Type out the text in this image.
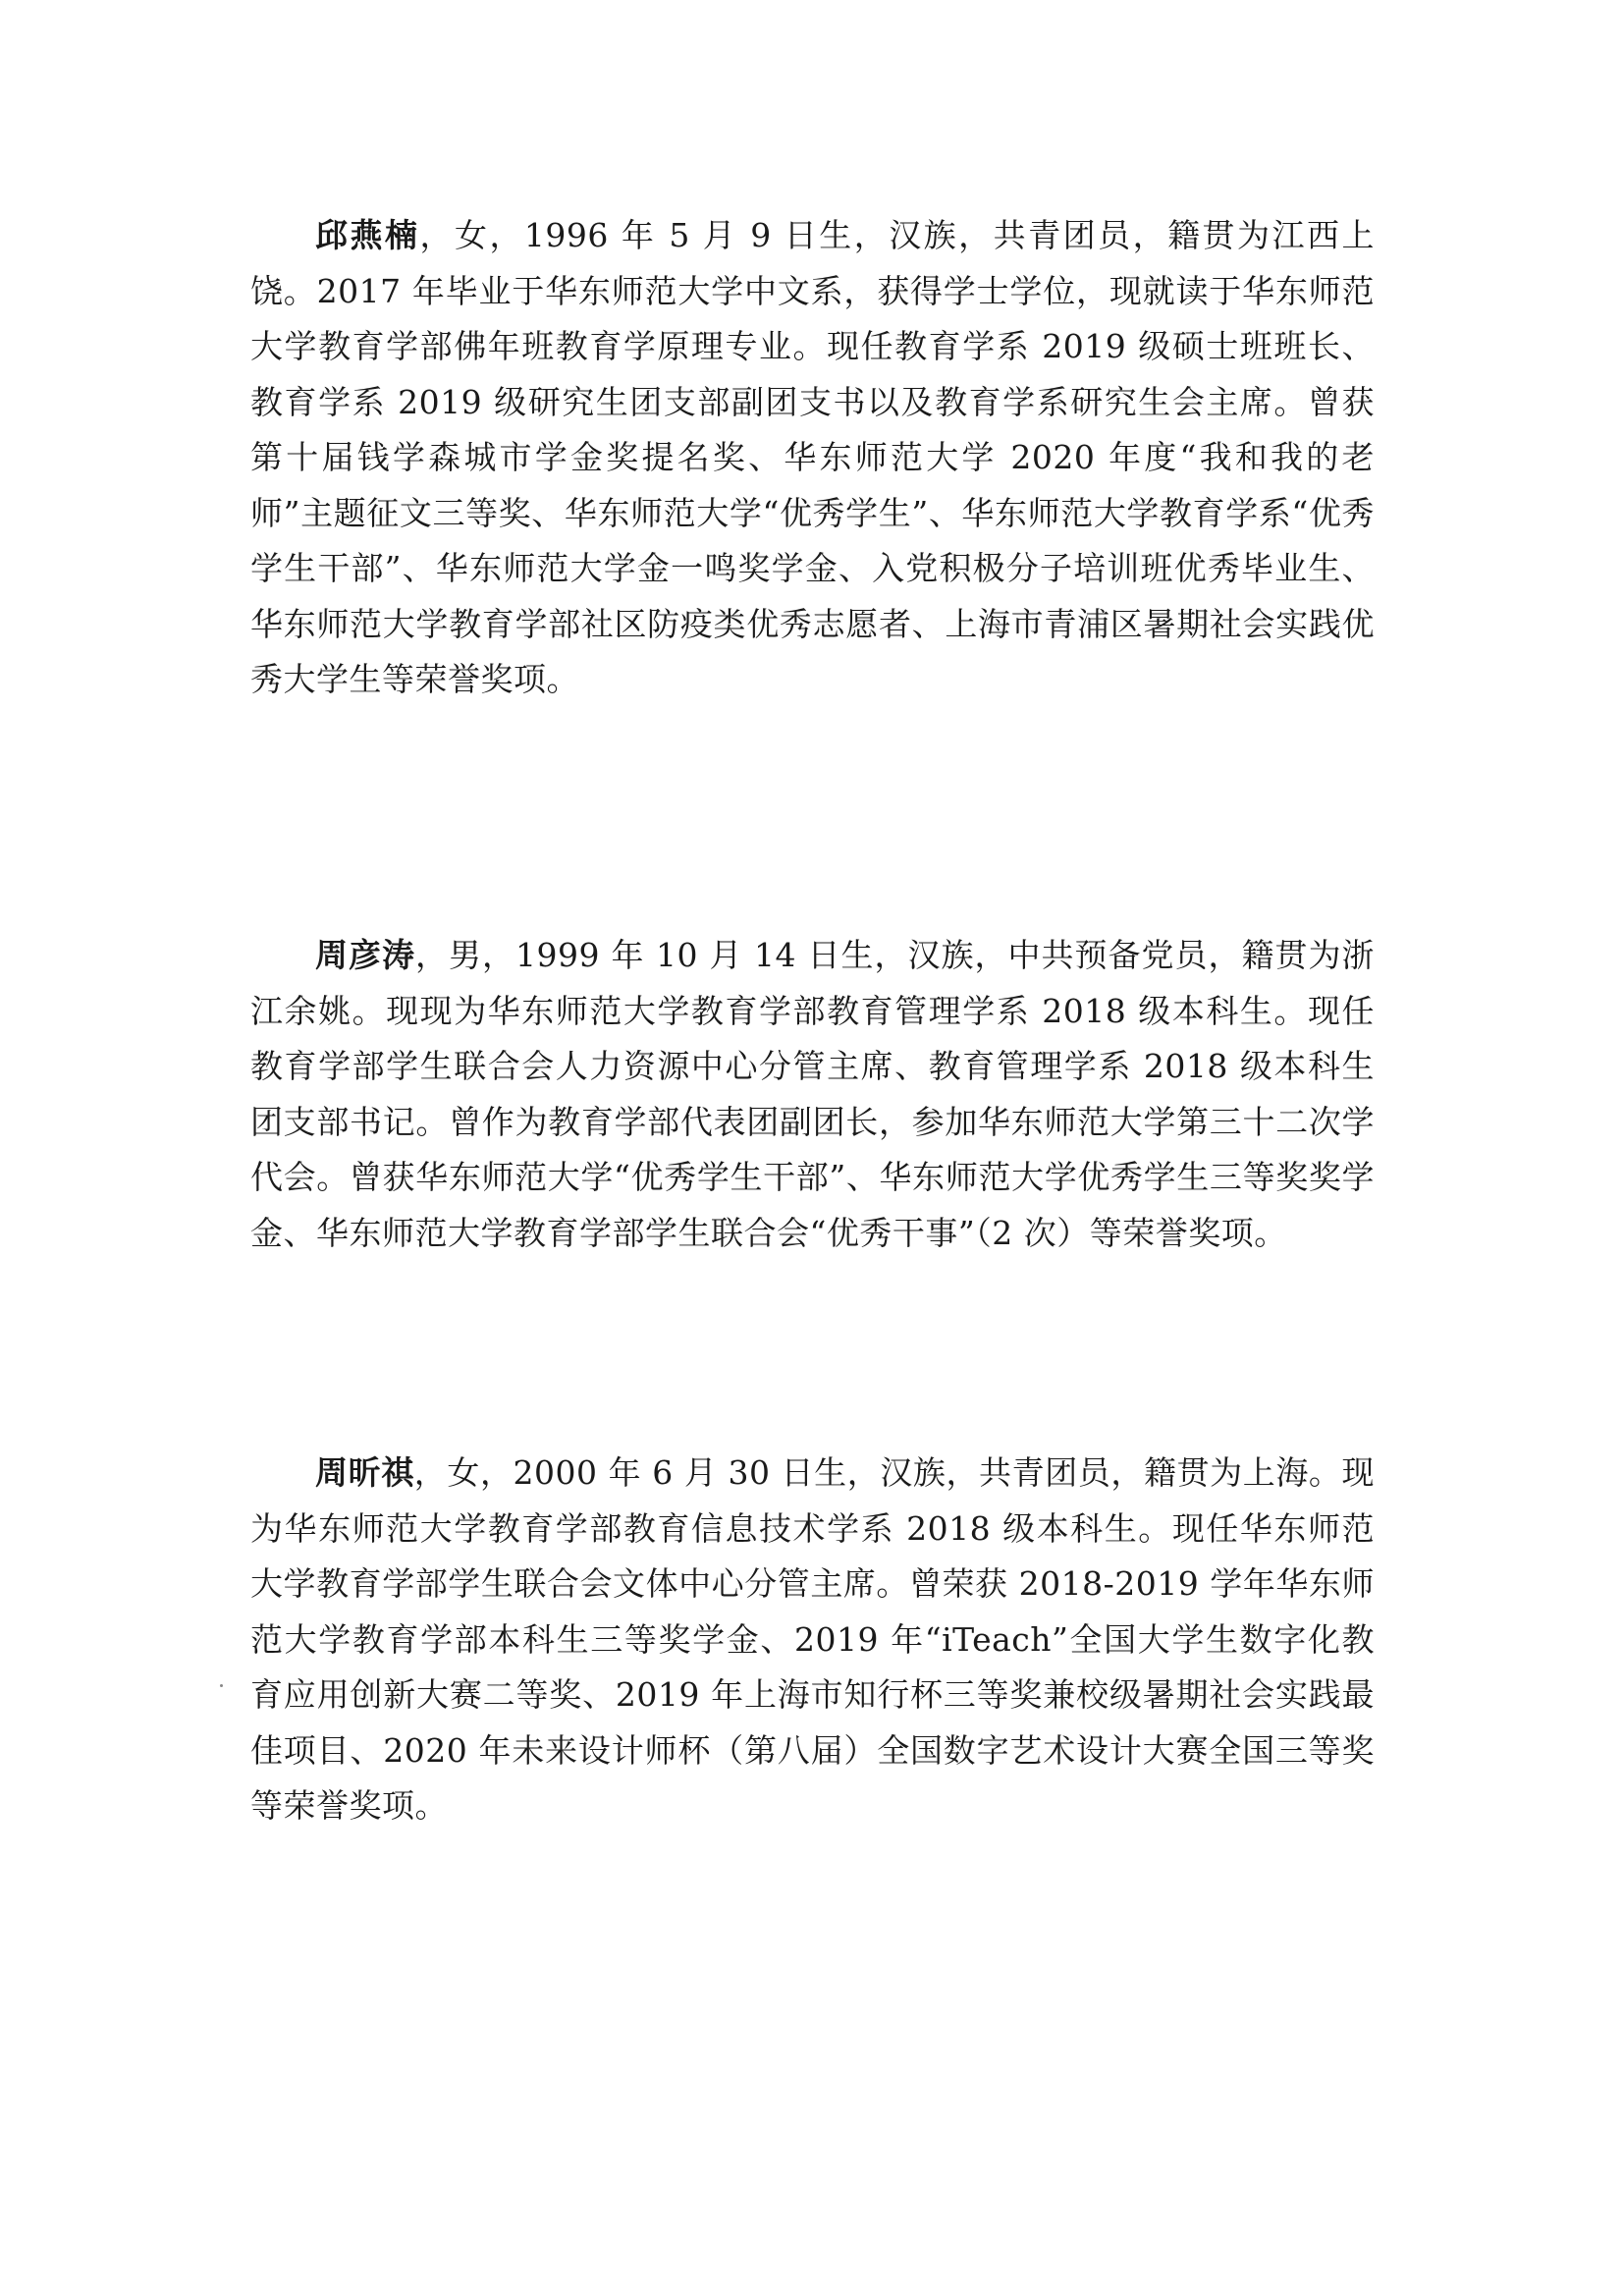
邱燕楠，女，1996 年 5 月 9 日生，汉族，共青团员，籍贯为江西上饶。2017 年毕业于华东师范大学中文系，获得学士学位，现就读于华东师范大学教育学部佛年班教育学原理专业。现任教育学系 2019 级硕士班班长、教育学系 2019 级研究生团支部副团支书以及教育学系研究生会主席。曾获第十届钱学森城市学金奖提名奖、华东师范大学 2020 年度“我和我的老师”主题征文三等奖、华东师范大学“优秀学生”、华东师范大学教育学系“优秀学生干部”、华东师范大学金一鸣奖学金、入党积极分子培训班优秀毕业生、华东师范大学教育学部社区防疫类优秀志愿者、上海市青浦区暑期社会实践优秀大学生等荣誉奖项。

周彦涛，男，1999 年 10 月 14 日生，汉族，中共预备党员，籍贯为浙江余姚。现现为华东师范大学教育学部教育管理学系 2018 级本科生。现任教育学部学生联合会人力资源中心分管主席、教育管理学系 2018 级本科生团支部书记。曾作为教育学部代表团副团长，参加华东师范大学第三十二次学代会。曾获华东师范大学“优秀学生干部”、华东师范大学优秀学生三等奖奖学金、华东师范大学教育学部学生联合会“优秀干事”（2 次）等荣誉奖项。

周昕祺，女，2000 年 6 月 30 日生，汉族，共青团员，籍贯为上海。现为华东师范大学教育学部教育信息技术学系 2018 级本科生。现任华东师范大学教育学部学生联合会文体中心分管主席。曾荣获 2018-2019 学年华东师范大学教育学部本科生三等奖学金、2019 年“iTeach”全国大学生数字化教育应用创新大赛二等奖、2019 年上海市知行杯三等奖兼校级暑期社会实践最佳项目、2020 年未来设计师杯（第八届）全国数字艺术设计大赛全国三等奖等荣誉奖项。
